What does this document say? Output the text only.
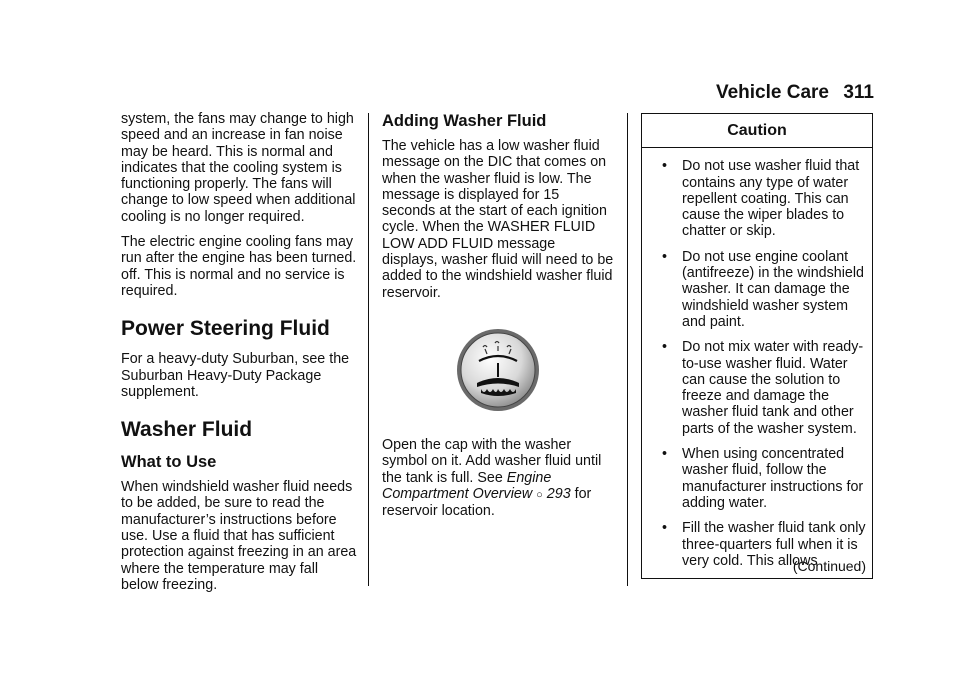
Vehicle Care 311

system, the fans may change to high speed and an increase in fan noise may be heard. This is normal and indicates that the cooling system is functioning properly. The fans will change to low speed when additional cooling is no longer required.

The electric engine cooling fans may run after the engine has been turned. off. This is normal and no service is required.

Power Steering Fluid

For a heavy-duty Suburban, see the Suburban Heavy-Duty Package supplement.

Washer Fluid
What to Use

When windshield washer fluid needs to be added, be sure to read the manufacturer’s instructions before use. Use a fluid that has sufficient protection against freezing in an area where the temperature may fall below freezing.

Adding Washer Fluid

The vehicle has a low washer fluid message on the DIC that comes on when the washer fluid is low. The message is displayed for 15 seconds at the start of each ignition cycle. When the WASHER FLUID LOW ADD FLUID message displays, washer fluid will need to be added to the windshield washer fluid reservoir.

Open the cap with the washer symbol on it. Add washer fluid until the tank is full. See Engine Compartment Overview ○ 293 for reservoir location.

Caution
• Do not use washer fluid that contains any type of water repellent coating. This can cause the wiper blades to chatter or skip.
• Do not use engine coolant (antifreeze) in the windshield washer. It can damage the windshield washer system and paint.
• Do not mix water with ready-to-use washer fluid. Water can cause the solution to freeze and damage the washer fluid tank and other parts of the washer system.
• When using concentrated washer fluid, follow the manufacturer instructions for adding water.
• Fill the washer fluid tank only three-quarters full when it is very cold. This allows
(Continued)
